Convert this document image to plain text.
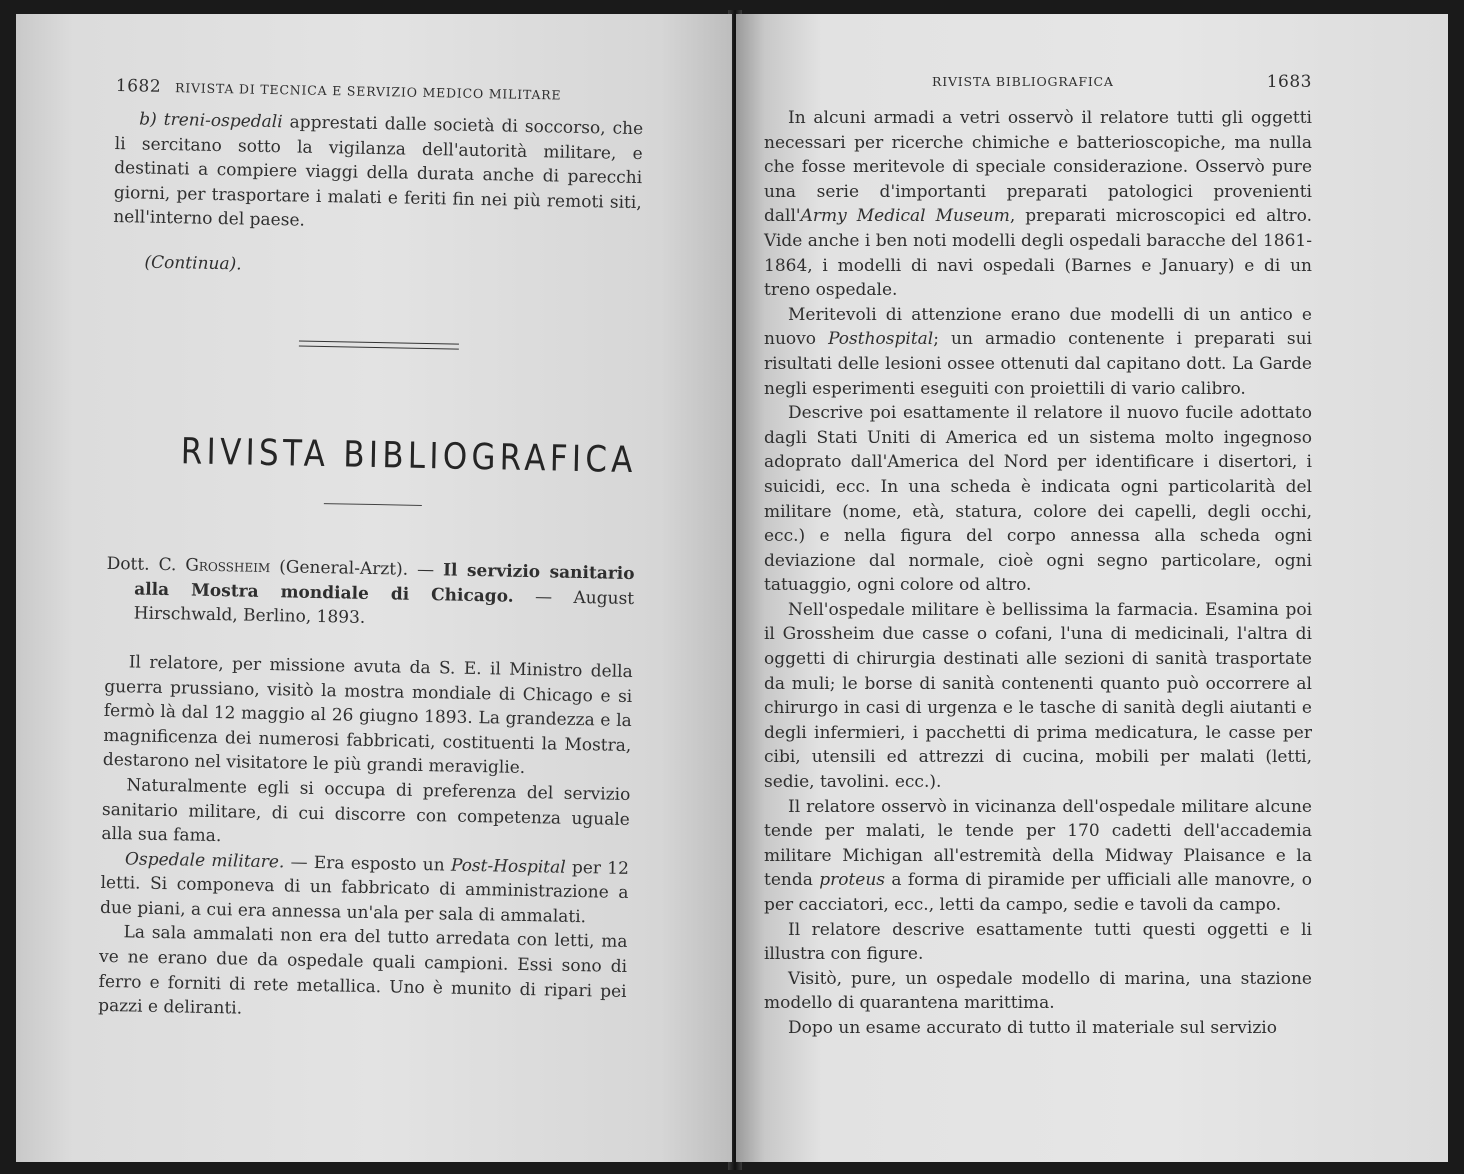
1682 RIVISTA DI TECNICA E SERVIZIO MEDICO MILITARE

b) treni-ospedali apprestati dalle società di soccorso, che li sercitano sotto la vigilanza dell'autorità militare, e destinati a compiere viaggi della durata anche di parecchi giorni, per trasportare i malati e feriti fin nei più remoti siti, nell'interno del paese.

(Continua).

RIVISTA BIBLIOGRAFICA

Dott. C. Grossheim (General-Arzt). — Il servizio sanitario alla Mostra mondiale di Chicago. — August Hirschwald, Berlino, 1893.

Il relatore, per missione avuta da S. E. il Ministro della guerra prussiano, visitò la mostra mondiale di Chicago e si fermò là dal 12 maggio al 26 giugno 1893. La grandezza e la magnificenza dei numerosi fabbricati, costituenti la Mostra, destarono nel visitatore le più grandi meraviglie.

Naturalmente egli si occupa di preferenza del servizio sanitario militare, di cui discorre con competenza uguale alla sua fama.

Ospedale militare. — Era esposto un Post-Hospital per 12 letti. Si componeva di un fabbricato di amministrazione a due piani, a cui era annessa un'ala per sala di ammalati.

La sala ammalati non era del tutto arredata con letti, ma ve ne erano due da ospedale quali campioni. Essi sono di ferro e forniti di rete metallica. Uno è munito di ripari pei pazzi e deliranti.

RIVISTA BIBLIOGRAFICA	1683

In alcuni armadi a vetri osservò il relatore tutti gli oggetti necessari per ricerche chimiche e batterioscopiche, ma nulla che fosse meritevole di speciale considerazione. Osservò pure una serie d'importanti preparati patologici provenienti dall'Army Medical Museum, preparati microscopici ed altro. Vide anche i ben noti modelli degli ospedali baracche del 1861-1864, i modelli di navi ospedali (Barnes e January) e di un treno ospedale.

Meritevoli di attenzione erano due modelli di un antico e nuovo Posthospital; un armadio contenente i preparati sui risultati delle lesioni ossee ottenuti dal capitano dott. La Garde negli esperimenti eseguiti con proiettili di vario calibro.

Descrive poi esattamente il relatore il nuovo fucile adottato dagli Stati Uniti di America ed un sistema molto ingegnoso adoprato dall'America del Nord per identificare i disertori, i suicidi, ecc. In una scheda è indicata ogni particolarità del militare (nome, età, statura, colore dei capelli, degli occhi, ecc.) e nella figura del corpo annessa alla scheda ogni deviazione dal normale, cioè ogni segno particolare, ogni tatuaggio, ogni colore od altro.

Nell'ospedale militare è bellissima la farmacia. Esamina poi il Grossheim due casse o cofani, l'una di medicinali, l'altra di oggetti di chirurgia destinati alle sezioni di sanità trasportate da muli; le borse di sanità contenenti quanto può occorrere al chirurgo in casi di urgenza e le tasche di sanità degli aiutanti e degli infermieri, i pacchetti di prima medicatura, le casse per cibi, utensili ed attrezzi di cucina, mobili per malati (letti, sedie, tavolini. ecc.).

Il relatore osservò in vicinanza dell'ospedale militare alcune tende per malati, le tende per 170 cadetti dell'accademia militare Michigan all'estremità della Midway Plaisance e la tenda proteus a forma di piramide per ufficiali alle manovre, o per cacciatori, ecc., letti da campo, sedie e tavoli da campo.

Il relatore descrive esattamente tutti questi oggetti e li illustra con figure.

Visitò, pure, un ospedale modello di marina, una stazione modello di quarantena marittima.

Dopo un esame accurato di tutto il materiale sul servizio
